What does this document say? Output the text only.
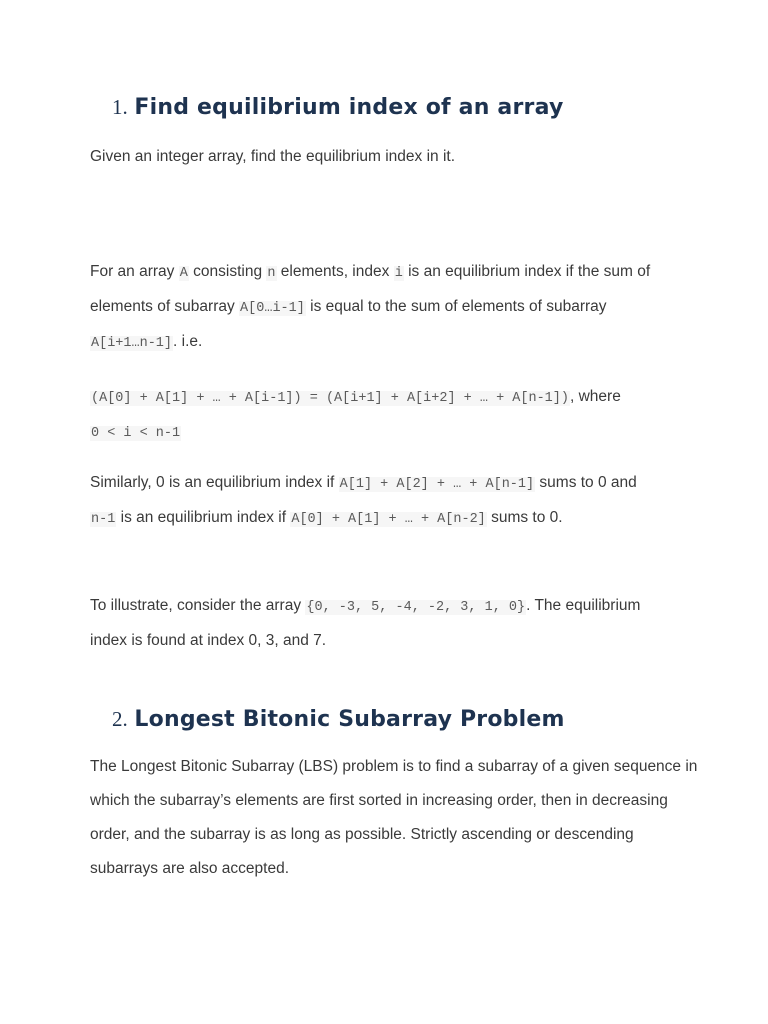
1. Find equilibrium index of an array

Given an integer array, find the equilibrium index in it.

For an array A consisting n elements, index i is an equilibrium index if the sum of
elements of subarray A[0…i-1] is equal to the sum of elements of subarray
A[i+1…n-1]. i.e.

(A[0] + A[1] + … + A[i-1]) = (A[i+1] + A[i+2] + … + A[n-1]), where
0 < i < n-1

Similarly, 0 is an equilibrium index if A[1] + A[2] + … + A[n-1] sums to 0 and
n-1 is an equilibrium index if A[0] + A[1] + … + A[n-2] sums to 0.

To illustrate, consider the array {0, -3, 5, -4, -2, 3, 1, 0}. The equilibrium
index is found at index 0, 3, and 7.

2. Longest Bitonic Subarray Problem

The Longest Bitonic Subarray (LBS) problem is to find a subarray of a given sequence in
which the subarray’s elements are first sorted in increasing order, then in decreasing
order, and the subarray is as long as possible. Strictly ascending or descending
subarrays are also accepted.
